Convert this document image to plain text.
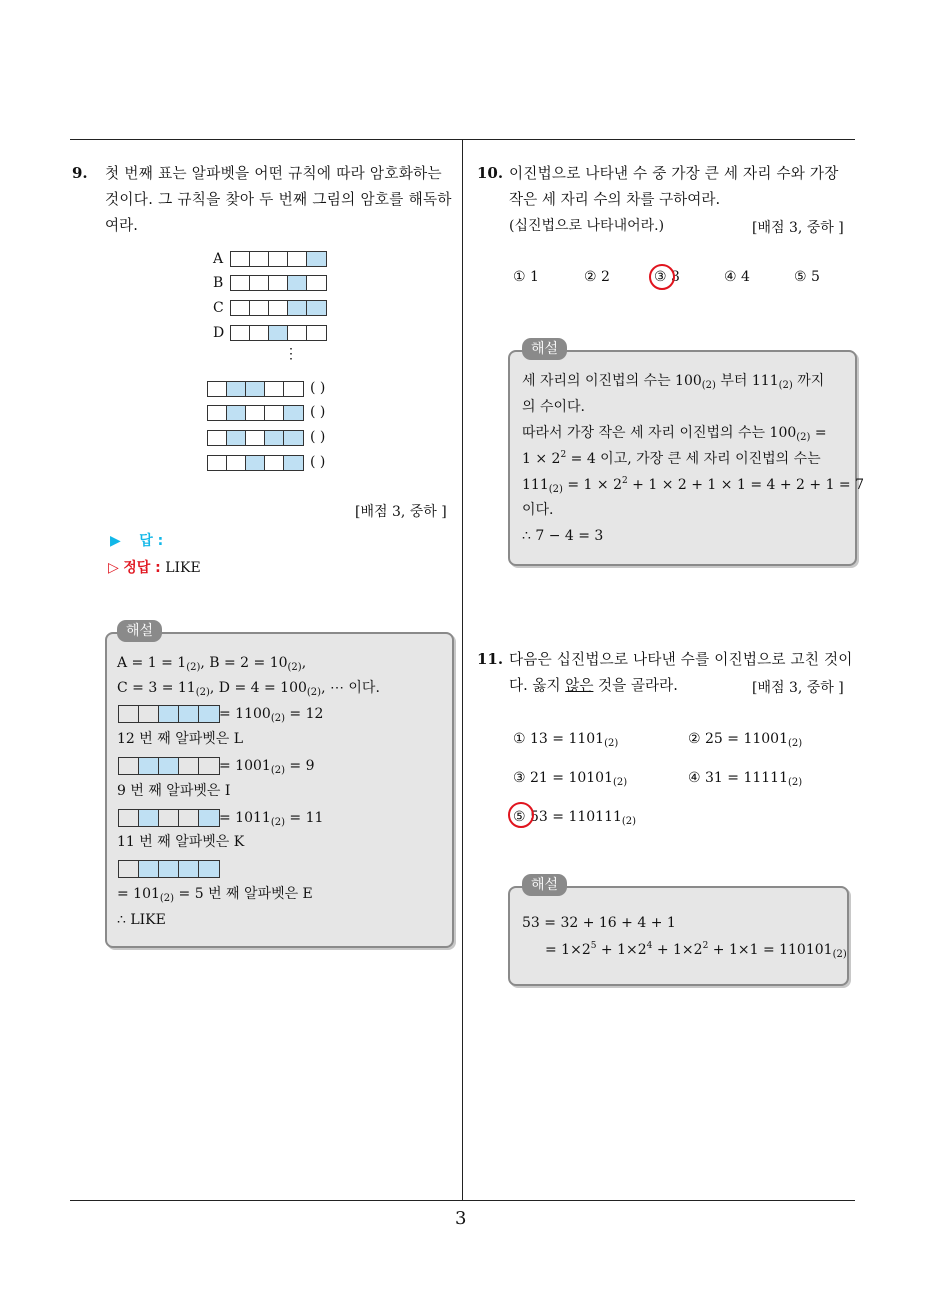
3
9. 첫 번째 표는 알파벳을 어떤 규칙에 따라 암호화하는
것이다. 그 규칙을 찾아 두 번째 그림의 암호를 해독하
여라.
A
B
C
D
⋮
( )
( )
( )
( )
[배점 3, 중하 ]
▶ 답 :
▷ 정답 : LIKE
해설
$A = 1 = 1_{(2)}$, $B = 2 = 10_{(2)}$,
$C = 3 = 11_{(2)}$, $D = 4 = 100_{(2)}$, ⋯ 이다.
= $1100_{(2)} = 12$
12 번 째 알파벳은 L
= $1001_{(2)} = 9$
9 번 째 알파벳은 I
= $1011_{(2)} = 11$
11 번 째 알파벳은 K
= $101_{(2)} = 5$ 번 째 알파벳은 E
∴ LIKE
10. 이진법으로 나타낸 수 중 가장 큰 세 자리 수와 가장
작은 세 자리 수의 차를 구하여라.
(십진법으로 나타내어라.)	[배점 3, 중하 ]
① 1	② 2	③ 3	④ 4	⑤ 5
해설
세 자리의 이진법의 수는 $100_{(2)}$ 부터 $111_{(2)}$ 까지
의 수이다.
따라서 가장 작은 세 자리 이진법의 수는 $100_{(2)}$ =
$1 \times 2^2 = 4$ 이고, 가장 큰 세 자리 이진법의 수는
$111_{(2)} = 1 \times 2^2 + 1 \times 2 + 1 \times 1 = 4 + 2 + 1 = 7$
이다.
∴ 7 − 4 = 3
11. 다음은 십진법으로 나타낸 수를 이진법으로 고친 것이
다. 옳지 않은 것을 골라라.	[배점 3, 중하 ]
① $13 = 1101_{(2)}$	② $25 = 11001_{(2)}$
③ $21 = 10101_{(2)}$	④ $31 = 11111_{(2)}$
⑤ $53 = 110111_{(2)}$
해설
53 = 32 + 16 + 4 + 1
= $1\times 2^5 + 1\times 2^4 + 1\times 2^2 + 1\times 1 = 110101_{(2)}$
